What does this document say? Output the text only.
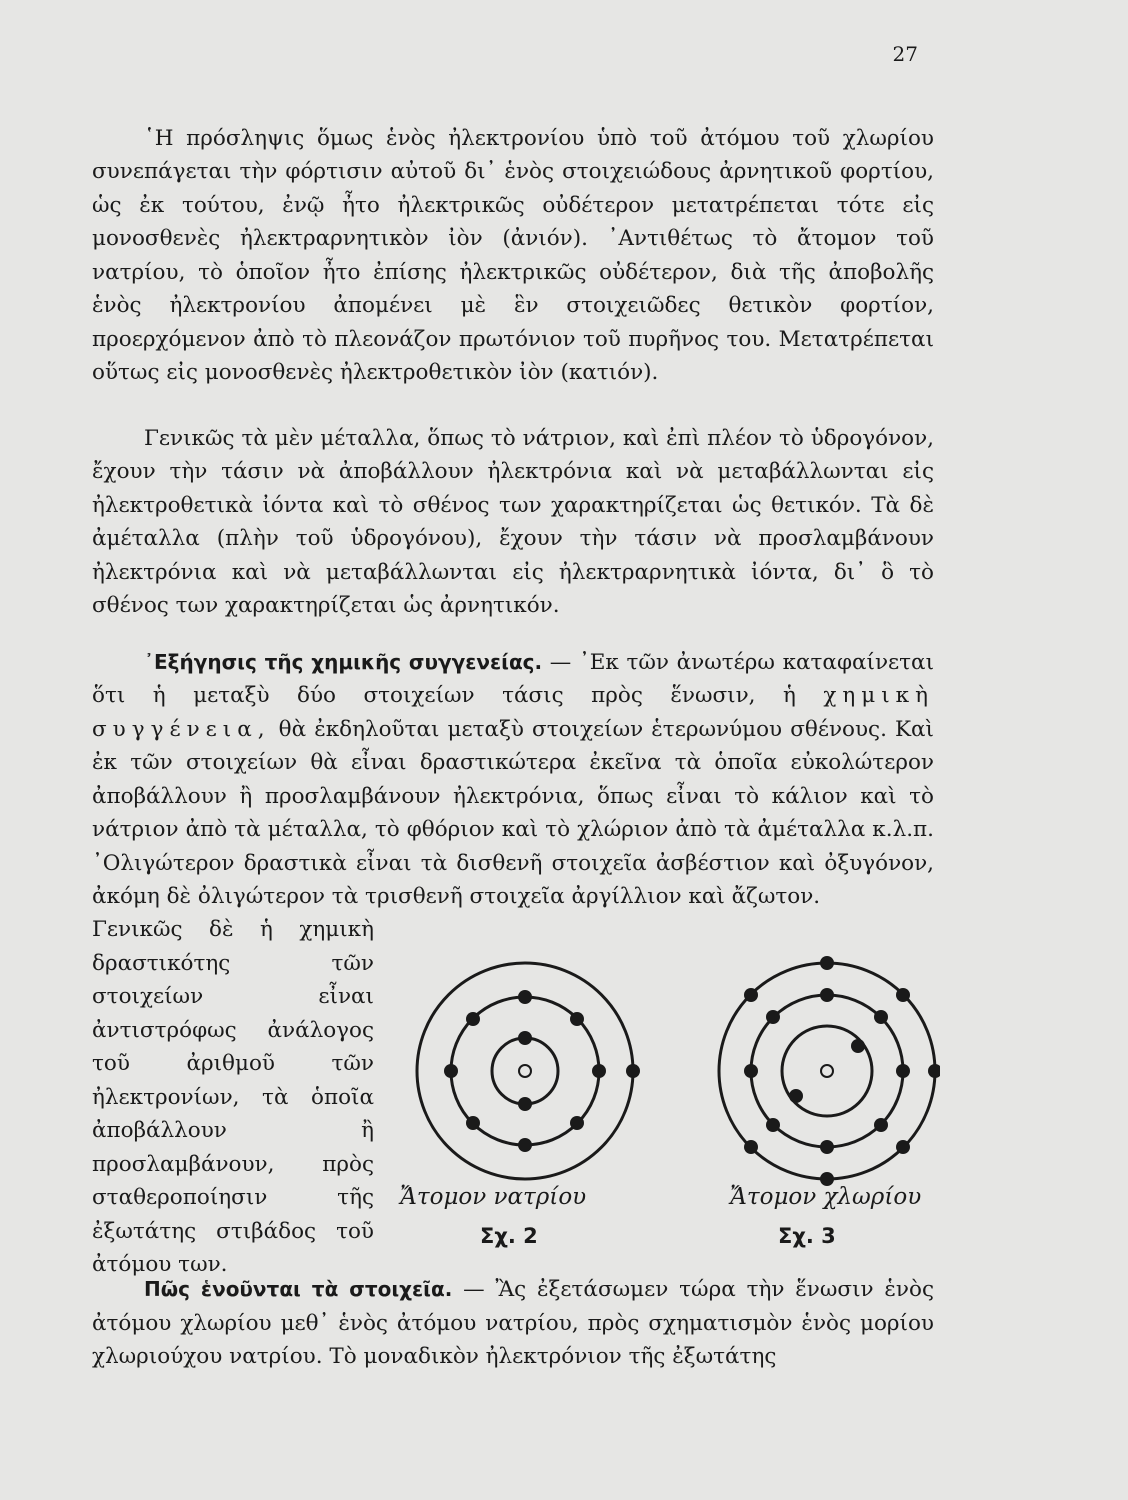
27

῾Η πρόσληψις ὅμως ἑνὸς ἠλεκτρονίου ὑπὸ τοῦ ἀτόμου τοῦ χλωρίου συνεπάγεται τὴν φόρτισιν αὐτοῦ δι᾽ ἑνὸς στοιχειώδους ἀρνητικοῦ φορτίου, ὡς ἐκ τούτου, ἐνῷ ἦτο ἠλεκτρικῶς οὐδέτερον μετατρέπεται τότε εἰς μονοσθενὲς ἠλεκτραρνητικὸν ἰὸν (ἀνιόν). ᾽Αντιθέτως τὸ ἄτομον τοῦ νατρίου, τὸ ὁποῖον ἦτο ἐπίσης ἠλεκτρικῶς οὐδέτερον, διὰ τῆς ἀποβολῆς ἑνὸς ἠλεκτρονίου ἀπομένει μὲ ἓν στοιχειῶδες θετικὸν φορτίον, προερχόμενον ἀπὸ τὸ πλεονάζον πρωτόνιον τοῦ πυρῆνος του. Μετατρέπεται οὕτως εἰς μονοσθενὲς ἠλεκτροθετικὸν ἰὸν (κατιόν).

Γενικῶς τὰ μὲν μέταλλα, ὅπως τὸ νάτριον, καὶ ἐπὶ πλέον τὸ ὑδρογόνον, ἔχουν τὴν τάσιν νὰ ἀποβάλλουν ἠλεκτρόνια καὶ νὰ μεταβάλλωνται εἰς ἠλεκτροθετικὰ ἰόντα καὶ τὸ σθένος των χαρακτηρίζεται ὡς θετικόν. Τὰ δὲ ἀμέταλλα (πλὴν τοῦ ὑδρογόνου), ἔχουν τὴν τάσιν νὰ προσλαμβάνουν ἠλεκτρόνια καὶ νὰ μεταβάλλωνται εἰς ἠλεκτραρνητικὰ ἰόντα, δι᾽ ὃ τὸ σθένος των χαρακτηρίζεται ὡς ἀρνητικόν.

᾽Εξήγησις τῆς χημικῆς συγγενείας. — ᾽Εκ τῶν ἀνωτέρω καταφαίνεται ὅτι ἡ μεταξὺ δύο στοιχείων τάσις πρὸς ἕνωσιν, ἡ χημικὴ συγγένεια, θὰ ἐκδηλοῦται μεταξὺ στοιχείων ἑτερωνύμου σθένους. Καὶ ἐκ τῶν στοιχείων θὰ εἶναι δραστικώτερα ἐκεῖνα τὰ ὁποῖα εὐκολώτερον ἀποβάλλουν ἢ προσλαμβάνουν ἠλεκτρόνια, ὅπως εἶναι τὸ κάλιον καὶ τὸ νάτριον ἀπὸ τὰ μέταλλα, τὸ φθόριον καὶ τὸ χλώριον ἀπὸ τὰ ἀμέταλλα κ.λ.π. ᾽Ολιγώτερον δραστικὰ εἶναι τὰ δισθενῆ στοιχεῖα ἀσβέστιον καὶ ὀξυγόνον, ἀκόμη δὲ ὀλιγώτερον τὰ τρισθενῆ στοιχεῖα ἀργίλλιον καὶ ἄζωτον.

Γενικῶς δὲ ἡ χημικὴ δραστικότης τῶν στοιχείων εἶναι ἀντιστρόφως ἀνάλογος τοῦ ἀριθμοῦ τῶν ἠλεκτρονίων, τὰ ὁποῖα ἀποβάλλουν ἢ προσλαμβάνουν, πρὸς σταθεροποίησιν τῆς ἐξωτάτης στιβάδος τοῦ ἀτόμου των.

Ἄτομον νατρίου
Σχ. 2
Ἄτομον χλωρίου
Σχ. 3

Πῶς ἑνοῦνται τὰ στοιχεῖα. — Ἂς ἐξετάσωμεν τώρα τὴν ἕνωσιν ἑνὸς ἀτόμου χλωρίου μεθ᾽ ἑνὸς ἀτόμου νατρίου, πρὸς σχηματισμὸν ἑνὸς μορίου χλωριούχου νατρίου. Τὸ μοναδικὸν ἠλεκτρόνιον τῆς ἐξωτάτης
